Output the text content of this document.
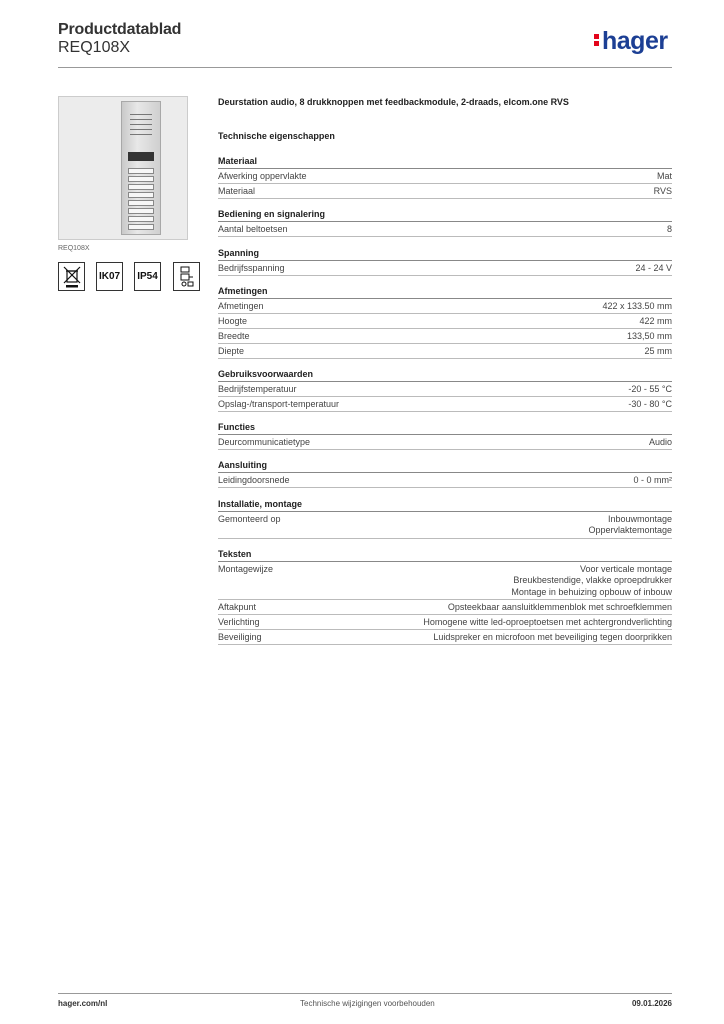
Productdatablad
REQ108X	hager
REQ108X
IK07	IP54
Deurstation audio, 8 drukknoppen met feedbackmodule, 2-draads, elcom.one RVS
Technische eigenschappen
Materiaal
Afwerking oppervlakte	Mat
Materiaal	RVS
Bediening en signalering
Aantal beltoetsen	8
Spanning
Bedrijfsspanning	24 - 24 V
Afmetingen
Afmetingen	422 x 133.50 mm
Hoogte	422 mm
Breedte	133,50 mm
Diepte	25 mm
Gebruiksvoorwaarden
Bedrijfstemperatuur	-20 - 55 °C
Opslag-/transport-temperatuur	-30 - 80 °C
Functies
Deurcommunicatietype	Audio
Aansluiting
Leidingdoorsnede	0 - 0 mm²
Installatie, montage
Gemonteerd op	Inbouwmontage
Oppervlaktemontage
Teksten
Montagewijze	Voor verticale montage
Breukbestendige, vlakke oproepdrukker
Montage in behuizing opbouw of inbouw
Aftakpunt	Opsteekbaar aansluitklemmenblok met schroefklemmen
Verlichting	Homogene witte led-oproeptoetsen met achtergrondverlichting
Beveiliging	Luidspreker en microfoon met beveiliging tegen doorprikken
hager.com/nl	Technische wijzigingen voorbehouden	09.01.2026
